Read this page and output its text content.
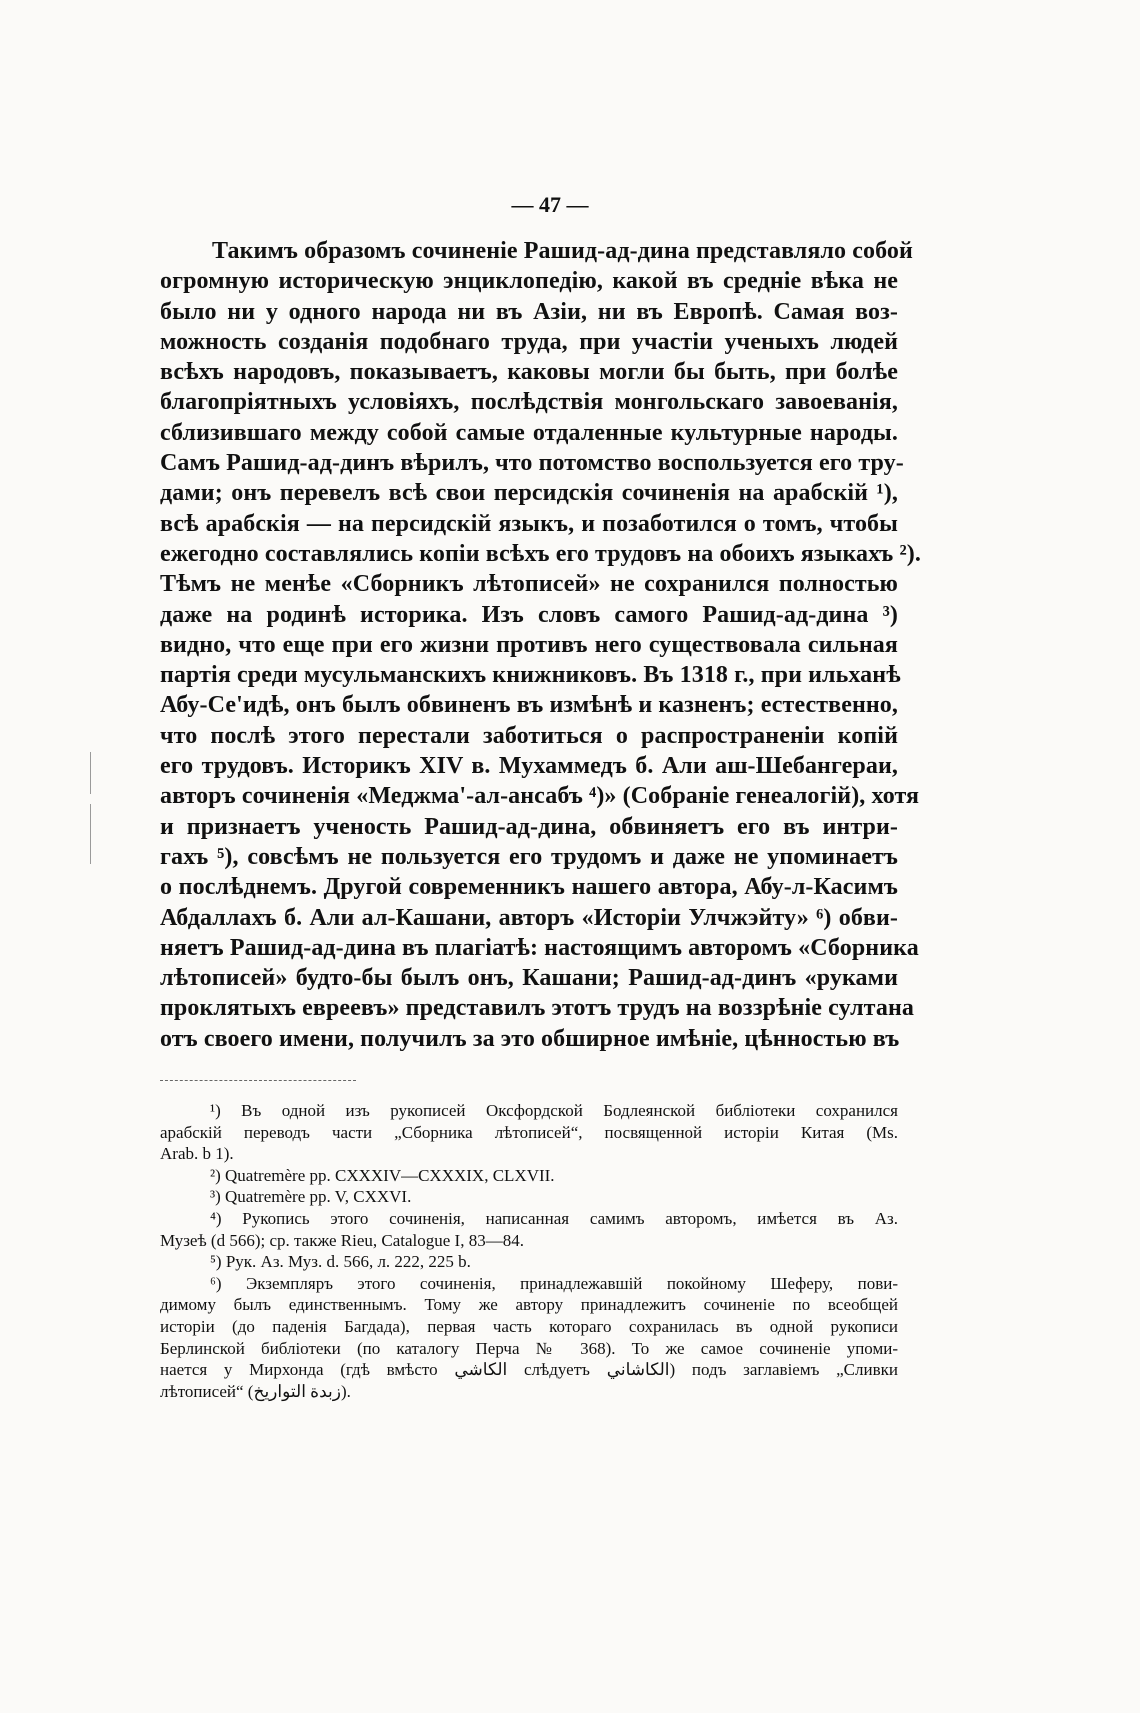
— 47 —
Такимъ образомъ сочиненіе Рашид-ад-дина представляло собой
огромную историческую энциклопедію, какой въ средніе вѣка не
было ни у одного народа ни въ Азіи, ни въ Европѣ. Самая воз-
можность созданія подобнаго труда, при участіи ученыхъ людей
всѣхъ народовъ, показываетъ, каковы могли бы быть, при болѣе
благопріятныхъ условіяхъ, послѣдствія монгольскаго завоеванія,
сблизившаго между собой самые отдаленные культурные народы.
Самъ Рашид-ад-динъ вѣрилъ, что потомство воспользуется его тру-
дами; онъ перевелъ всѣ свои персидскія сочиненія на арабскій ¹),
всѣ арабскія — на персидскій языкъ, и позаботился о томъ, чтобы
ежегодно составлялись копіи всѣхъ его трудовъ на обоихъ языкахъ ²).
Тѣмъ не менѣе «Сборникъ лѣтописей» не сохранился полностью
даже на родинѣ историка. Изъ словъ самого Рашид-ад-дина ³)
видно, что еще при его жизни противъ него существовала сильная
партія среди мусульманскихъ книжниковъ. Въ 1318 г., при ильханѣ
Абу-Се'идѣ, онъ былъ обвиненъ въ измѣнѣ и казненъ; естественно,
что послѣ этого перестали заботиться о распространеніи копій
его трудовъ. Историкъ XIV в. Мухаммедъ б. Али аш-Шебангераи,
авторъ сочиненія «Меджма'-ал-ансабъ ⁴)» (Собраніе генеалогій), хотя
и признаетъ ученость Рашид-ад-дина, обвиняетъ его въ интри-
гахъ ⁵), совсѣмъ не пользуется его трудомъ и даже не упоминаетъ
о послѣднемъ. Другой современникъ нашего автора, Абу-л-Касимъ
Абдаллахъ б. Али ал-Кашани, авторъ «Исторіи Улчжэйту» ⁶) обви-
няетъ Рашид-ад-дина въ плагіатѣ: настоящимъ авторомъ «Сборника
лѣтописей» будто-бы былъ онъ, Кашани; Рашид-ад-динъ «руками
проклятыхъ евреевъ» представилъ этотъ трудъ на воззрѣніе султана
отъ своего имени, получилъ за это обширное имѣніе, цѣнностью въ
¹) Въ одной изъ рукописей Оксфордской Бодлеянской библіотеки сохранился
арабскій переводъ части „Сборника лѣтописей“, посвященной исторіи Китая (Ms.
Arab. b 1).
²) Quatremère pp. CXXXIV—CXXXIX, CLXVII.
³) Quatremère pp. V, CXXVI.
⁴) Рукопись этого сочиненія, написанная самимъ авторомъ, имѣется въ Аз.
Музеѣ (d 566); ср. также Rieu, Catalogue I, 83—84.
⁵) Рук. Аз. Муз. d. 566, л. 222, 225 b.
⁶) Экземпляръ этого сочиненія, принадлежавшій покойному Шеферу, пови-
димому былъ единственнымъ. Тому же автору принадлежитъ сочиненіе по всеобщей
исторіи (до паденія Багдада), первая часть котораго сохранилась въ одной рукописи
Берлинской библіотеки (по каталогу Перча № 368). То же самое сочиненіе упоми-
нается у Мирхонда (гдѣ вмѣсто الكاشي слѣдуетъ الكاشاني) подъ заглавіемъ „Сливки
лѣтописей“ (زبدة التواريخ).
